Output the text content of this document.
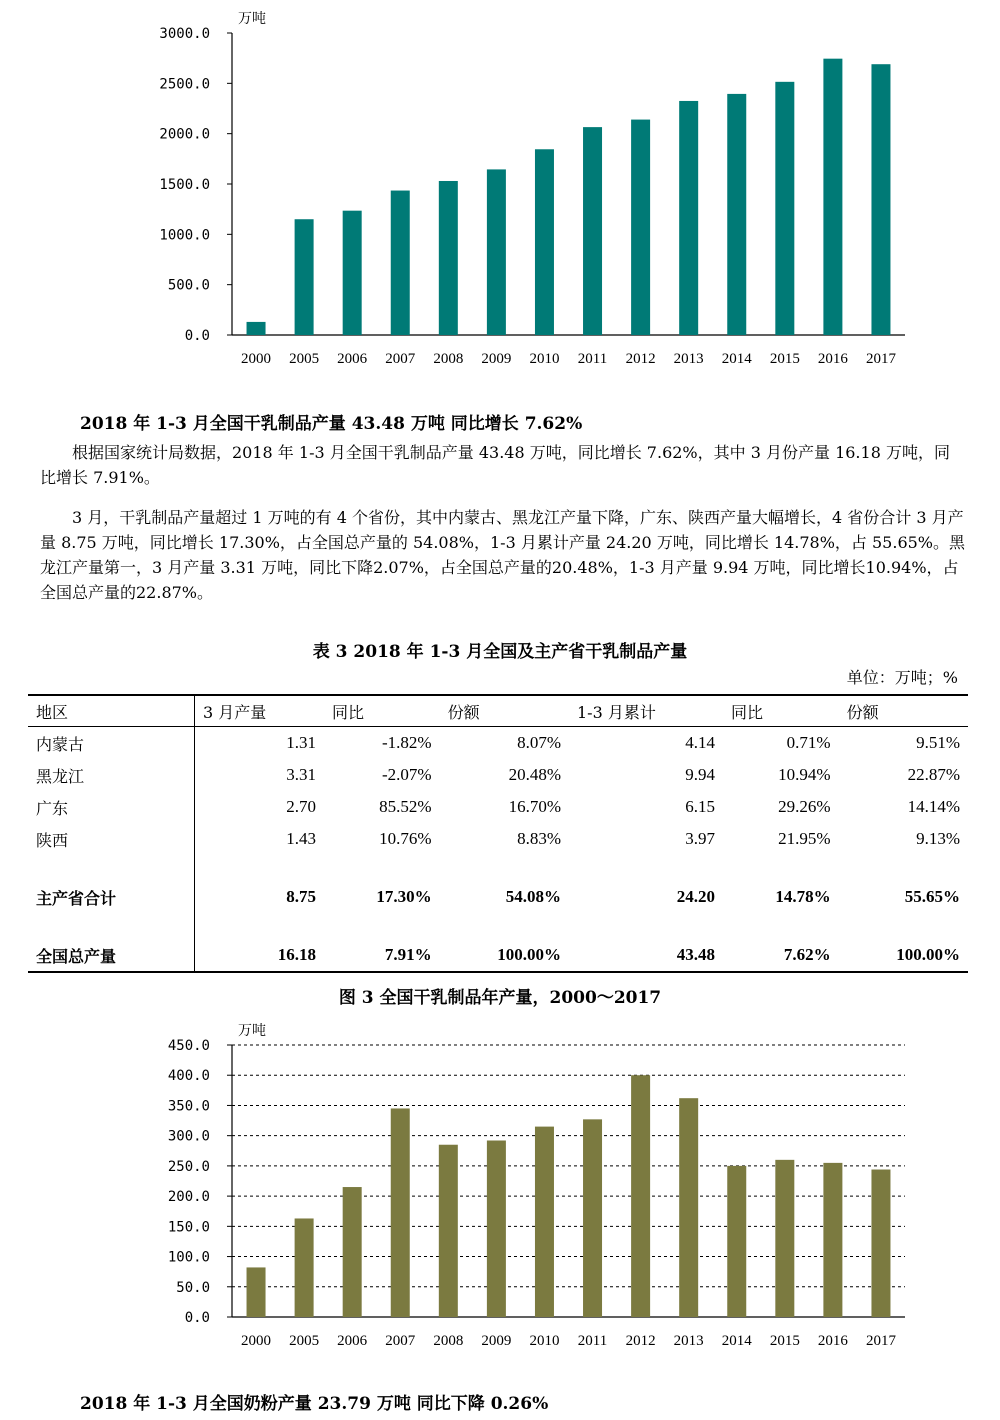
万吨
3000.0
2500.0
2000.0
1500.0
1000.0
500.0
0.0
2000 2005 2006 2007 2008 2009 2010 2011 2012 2013 2014 2015 2016 2017
2018 年 1-3 月全国干乳制品产量 43.48 万吨 同比增长 7.62%

根据国家统计局数据，2018 年 1-3 月全国干乳制品产量 43.48 万吨，同比增长 7.62%，其中 3 月份产量 16.18 万吨，同比增长 7.91%。

3 月，干乳制品产量超过 1 万吨的有 4 个省份，其中内蒙古、黑龙江产量下降，广东、陕西产量大幅增长，4 省份合计 3 月产量 8.75 万吨，同比增长 17.30%，占全国总产量的 54.08%，1-3 月累计产量 24.20 万吨，同比增长 14.78%，占 55.65%。黑龙江产量第一，3 月产量 3.31 万吨，同比下降2.07%，占全国总产量的20.48%，1-3 月产量 9.94 万吨，同比增长10.94%，占全国总产量的22.87%。

表 3 2018 年 1-3 月全国及主产省干乳制品产量
单位：万吨；%
地区	3 月产量	同比	份额	1-3 月累计	同比	份额
内蒙古	1.31	-1.82%	8.07%	4.14	0.71%	9.51%
黑龙江	3.31	-2.07%	20.48%	9.94	10.94%	22.87%
广东	2.70	85.52%	16.70%	6.15	29.26%	14.14%
陕西	1.43	10.76%	8.83%	3.97	21.95%	9.13%

主产省合计	8.75	17.30%	54.08%	24.20	14.78%	55.65%

全国总产量	16.18	7.91%	100.00%	43.48	7.62%	100.00%
图 3 全国干乳制品年产量，2000～2017
万吨
450.0
400.0
350.0
300.0
250.0
200.0
150.0
100.0
50.0
0.0
2000 2005 2006 2007 2008 2009 2010 2011 2012 2013 2014 2015 2016 2017
2018 年 1-3 月全国奶粉产量 23.79 万吨 同比下降 0.26%
